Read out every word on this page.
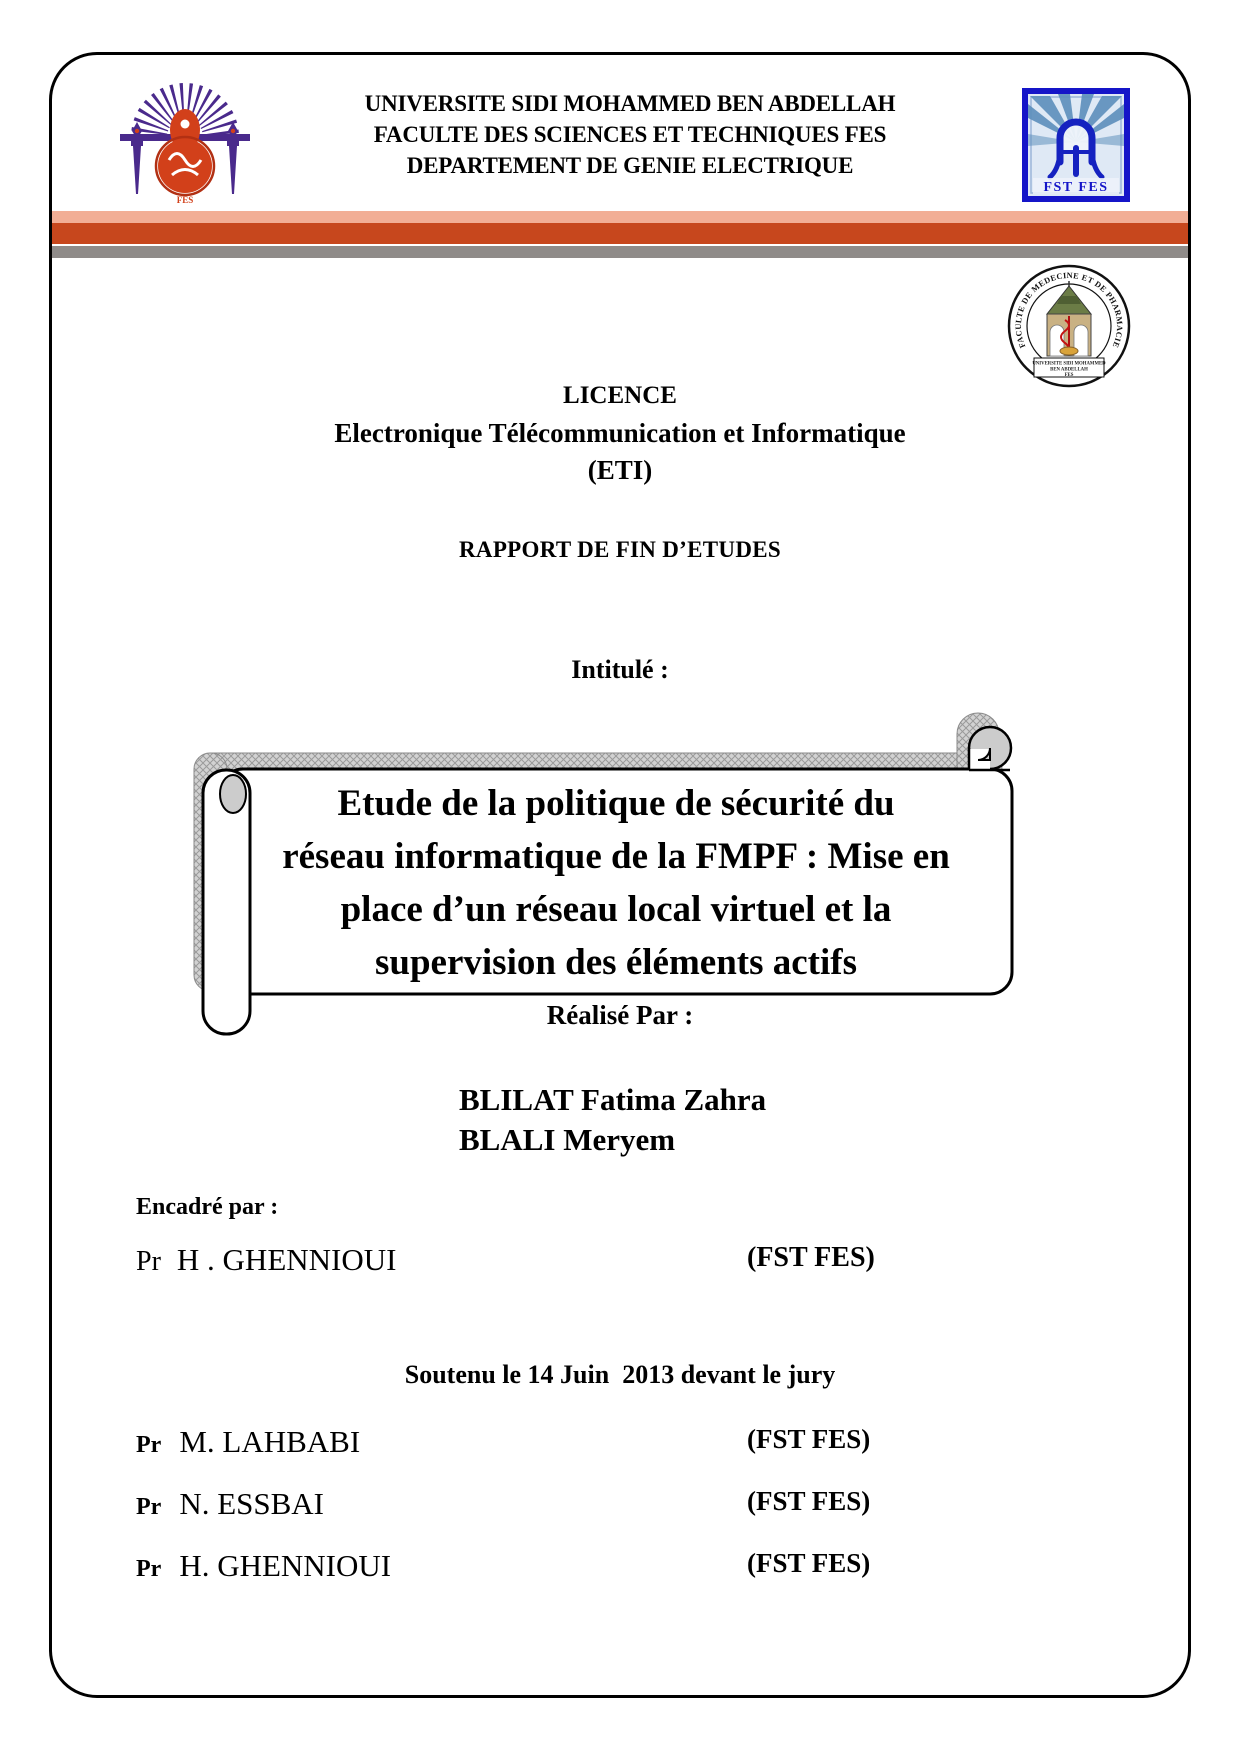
FES
UNIVERSITE SIDI MOHAMMED BEN ABDELLAH
FACULTE DES SCIENCES ET TECHNIQUES FES
DEPARTEMENT DE GENIE ELECTRIQUE
FST FES
FACULTE DE MEDECINE ET DE PHARMACIE
UNIVERSITE SIDI MOHAMMED
BEN ABDELLAH
FES
LICENCE
Electronique Télécommunication et Informatique
(ETI)
RAPPORT DE FIN D’ETUDES
Intitulé :
Etude de la politique de sécurité du
réseau informatique de la FMPF : Mise en
place d’un réseau local virtuel et la
supervision des éléments actifs
Réalisé Par :
BLILAT Fatima Zahra
BLALI Meryem
Encadré par :
Pr H . GHENNIOUI	(FST FES)
Soutenu le 14 Juin  2013 devant le jury
Pr M. LAHBABI	(FST FES)
Pr N. ESSBAI	(FST FES)
Pr H. GHENNIOUI	(FST FES)
